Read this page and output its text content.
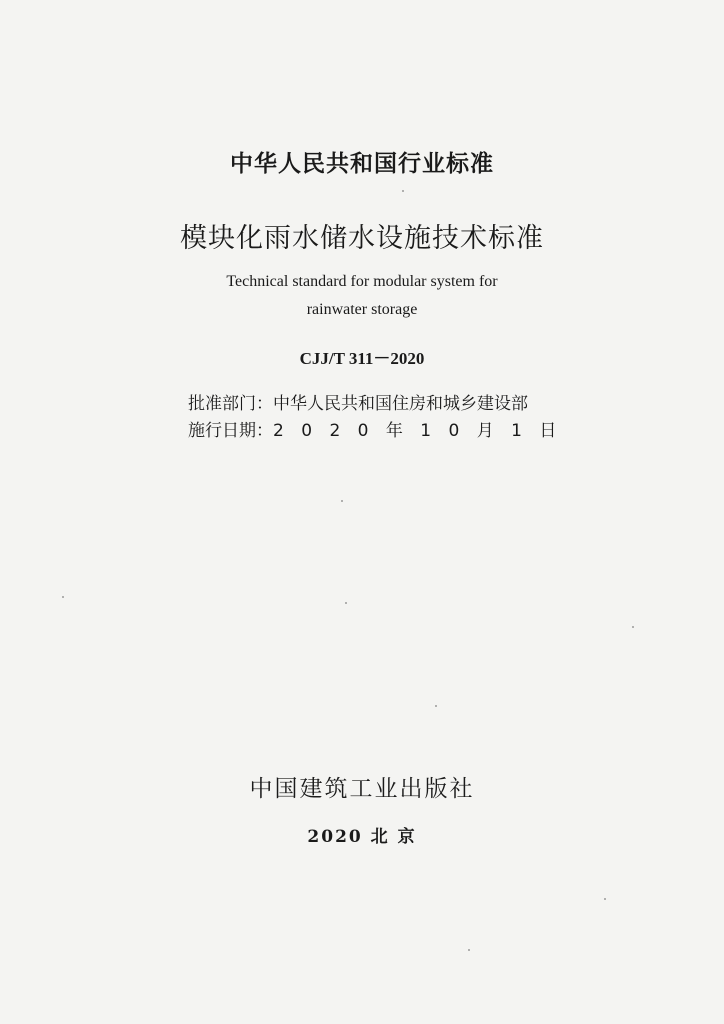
中华人民共和国行业标准
模块化雨水储水设施技术标准
Technical standard for modular system for
rainwater storage
CJJ/T 311－2020
批准部门：中华人民共和国住房和城乡建设部
施行日期：2 0 2 0 年 1 0 月 1 日
中国建筑工业出版社
2020 北 京
